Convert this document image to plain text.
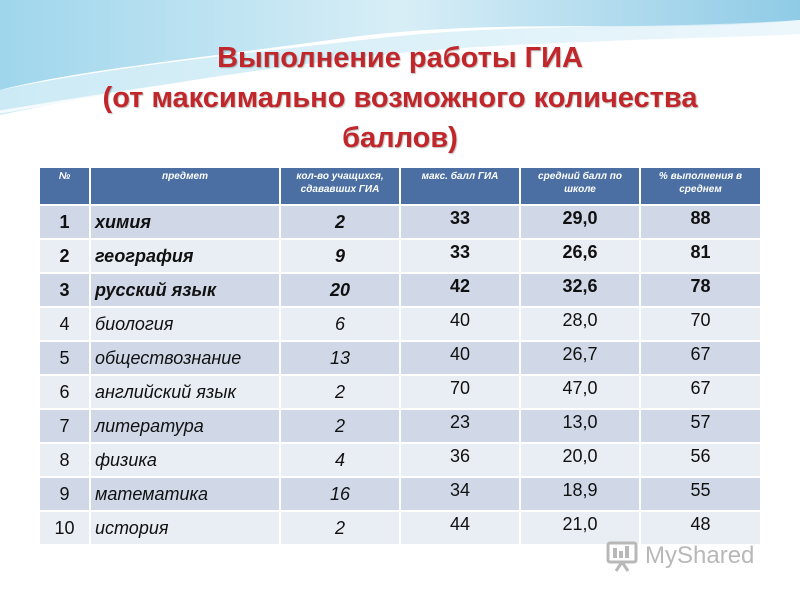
Выполнение работы ГИА
(от максимально возможного количества
баллов)
№	предмет	кол-во учащихся, сдававших ГИА	макс. балл ГИА	средний балл по школе	% выполнения в среднем
1	химия	2	33	29,0	88
2	география	9	33	26,6	81
3	русский язык	20	42	32,6	78
4	биология	6	40	28,0	70
5	обществознание	13	40	26,7	67
6	английский язык	2	70	47,0	67
7	литература	2	23	13,0	57
8	физика	4	36	20,0	56
9	математика	16	34	18,9	55
10	история	2	44	21,0	48
MyShared
